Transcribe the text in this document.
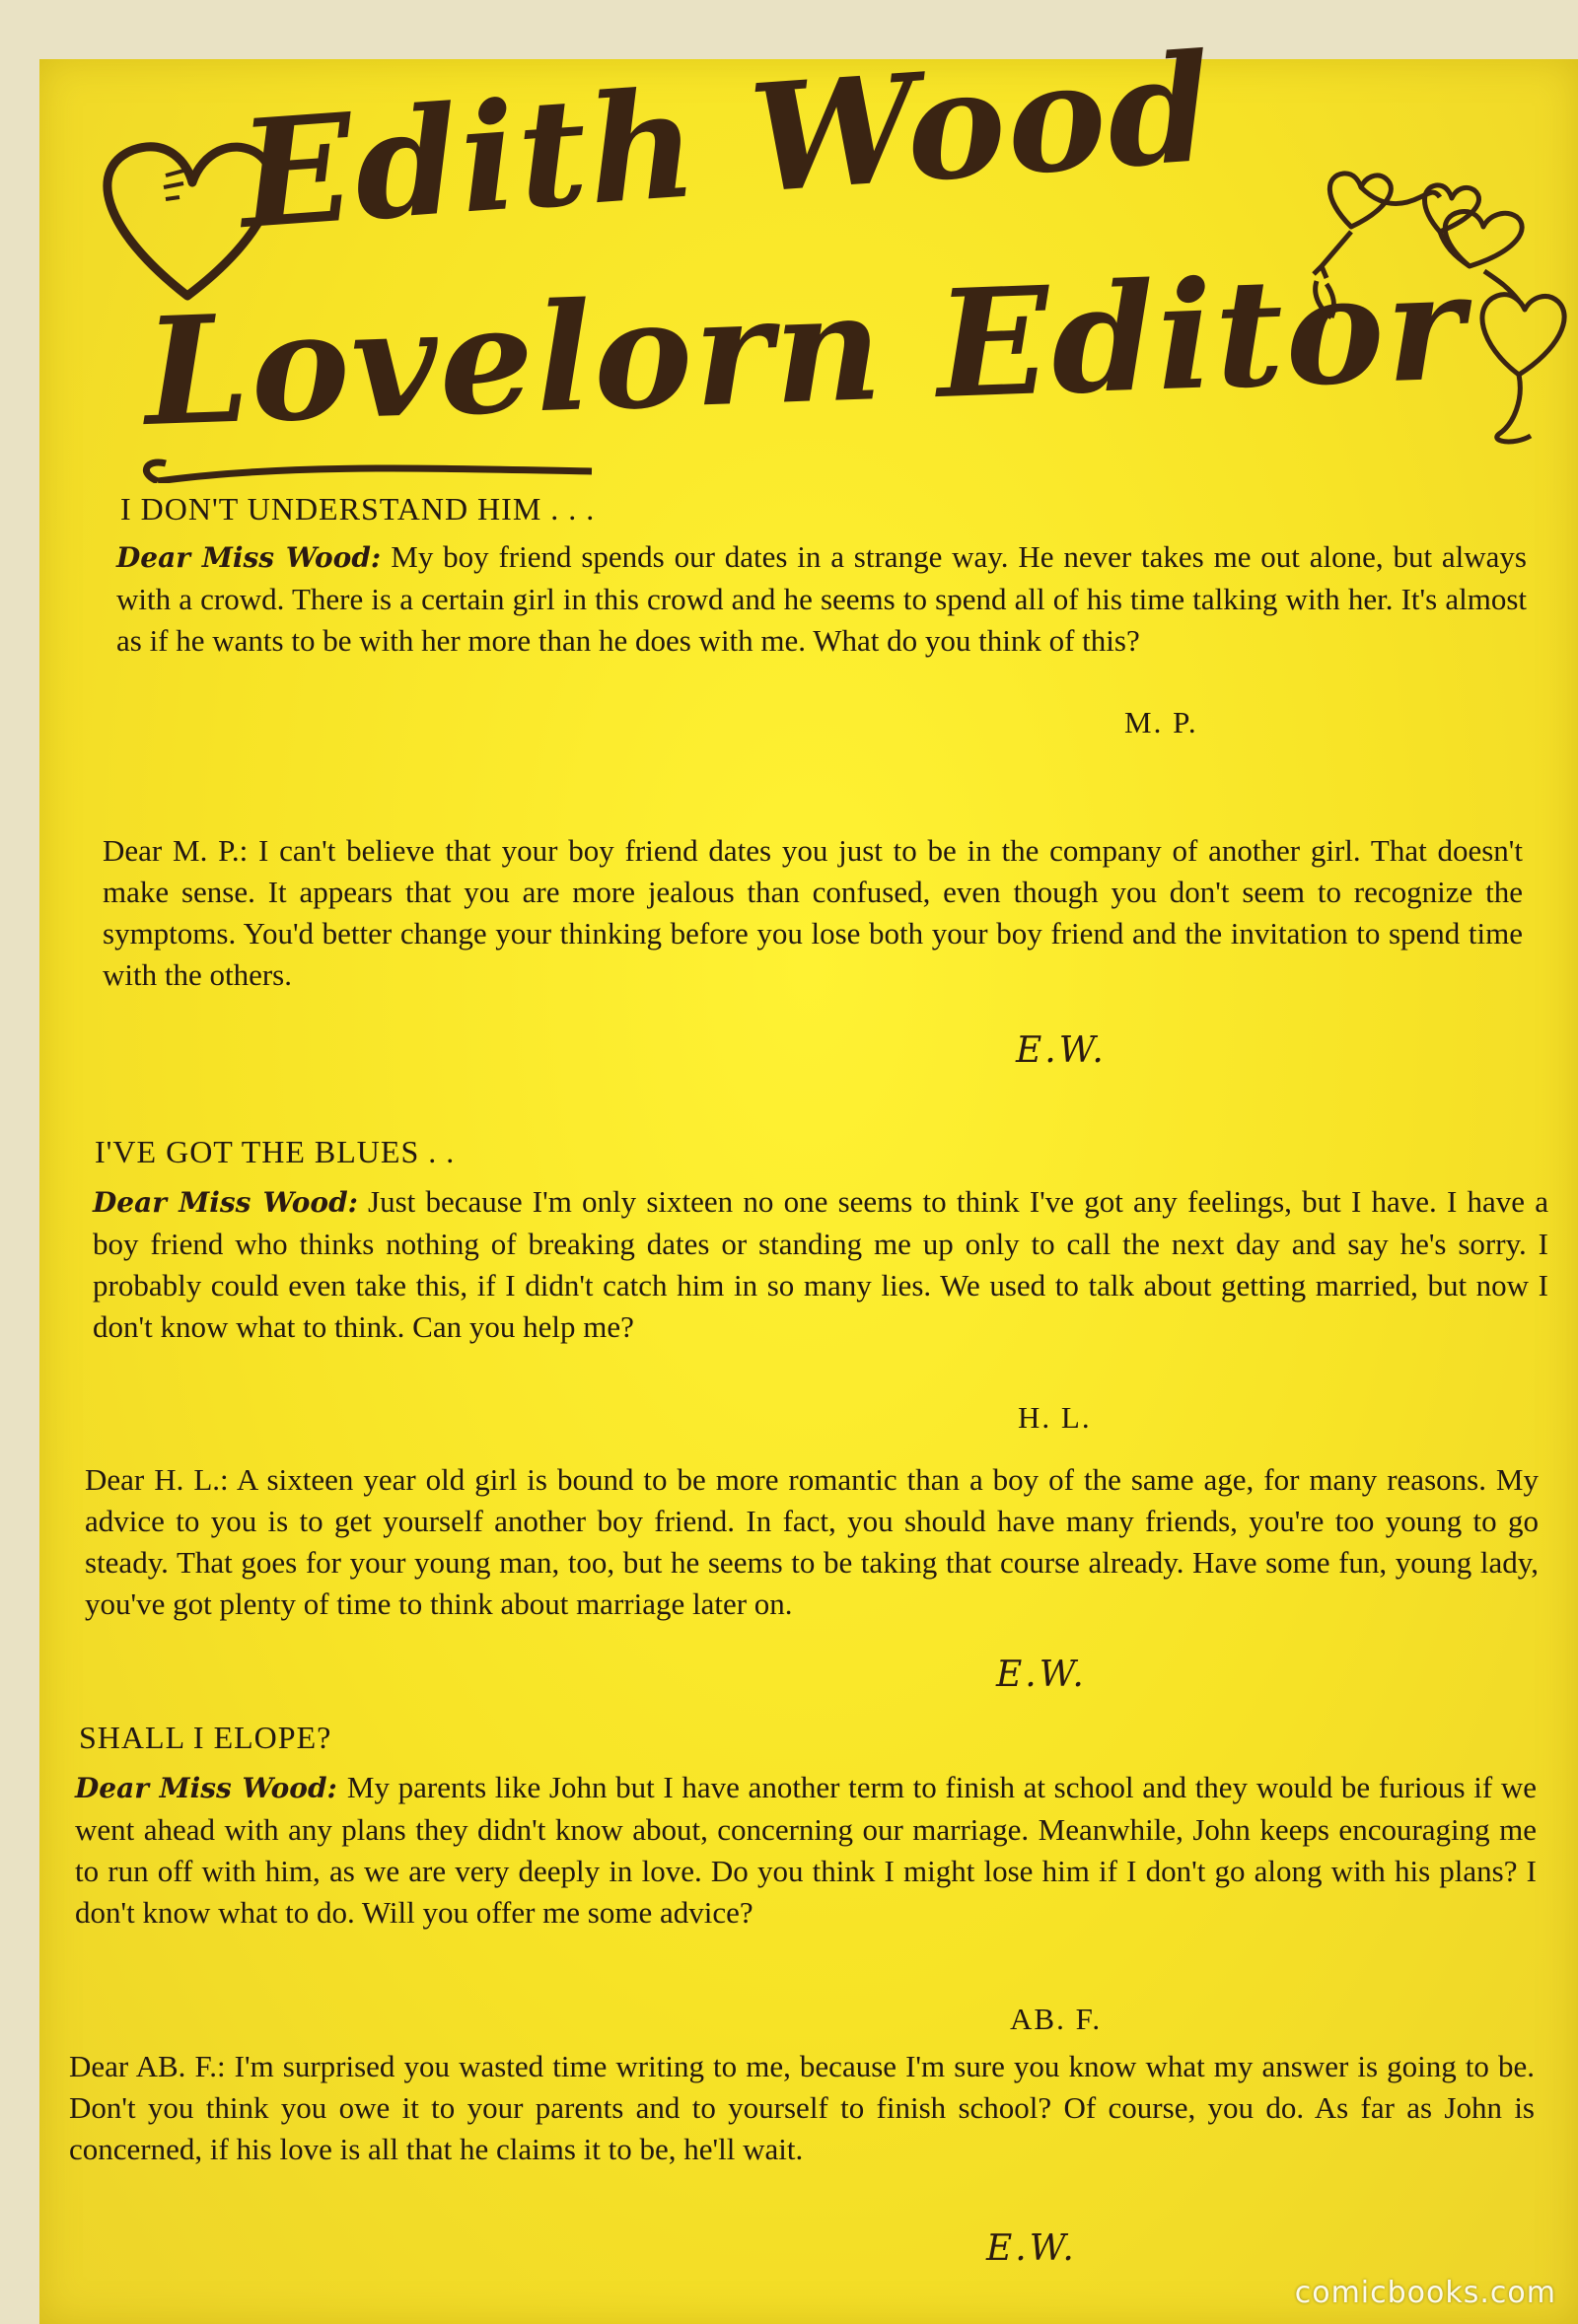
Edith Wood
Lovelorn Editor
I DON'T UNDERSTAND HIM . . .
Dear Miss Wood: My boy friend spends our dates in a strange way. He never takes me out alone, but always with a crowd. There is a certain girl in this crowd and he seems to spend all of his time talking with her. It's almost as if he wants to be with her more than he does with me. What do you think of this?
M. P.
Dear M. P.: I can't believe that your boy friend dates you just to be in the company of another girl. That doesn't make sense. It appears that you are more jealous than confused, even though you don't seem to recognize the symptoms. You'd better change your thinking before you lose both your boy friend and the invitation to spend time with the others.
E.W.
I'VE GOT THE BLUES . .
Dear Miss Wood: Just because I'm only sixteen no one seems to think I've got any feelings, but I have. I have a boy friend who thinks nothing of breaking dates or standing me up only to call the next day and say he's sorry. I probably could even take this, if I didn't catch him in so many lies. We used to talk about getting married, but now I don't know what to think. Can you help me?
H. L.
Dear H. L.: A sixteen year old girl is bound to be more romantic than a boy of the same age, for many reasons. My advice to you is to get yourself another boy friend. In fact, you should have many friends, you're too young to go steady. That goes for your young man, too, but he seems to be taking that course already. Have some fun, young lady, you've got plenty of time to think about marriage later on.
E.W.
SHALL I ELOPE?
Dear Miss Wood: My parents like John but I have another term to finish at school and they would be furious if we went ahead with any plans they didn't know about, concerning our marriage. Meanwhile, John keeps encouraging me to run off with him, as we are very deeply in love. Do you think I might lose him if I don't go along with his plans? I don't know what to do. Will you offer me some advice?
AB. F.
Dear AB. F.: I'm surprised you wasted time writing to me, because I'm sure you know what my answer is going to be. Don't you think you owe it to your parents and to yourself to finish school? Of course, you do. As far as John is concerned, if his love is all that he claims it to be, he'll wait.
E.W.
comicbooks.com
